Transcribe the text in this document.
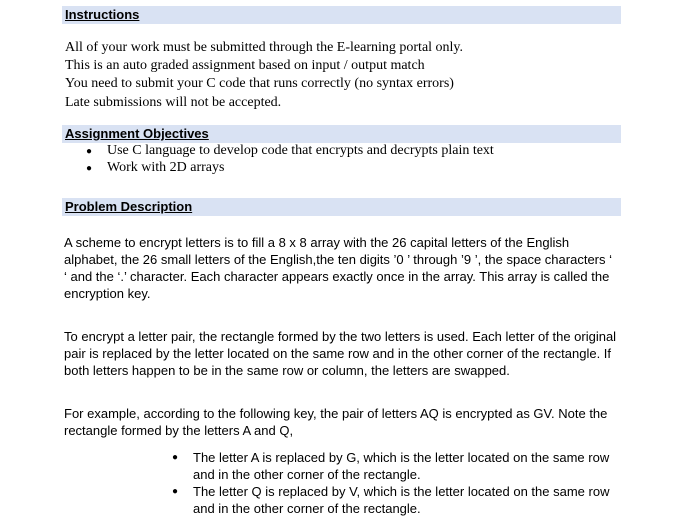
Instructions
All of your work must be submitted through the E-learning portal only.
This is an auto graded assignment based on input / output match
You need to submit your C code that runs correctly (no syntax errors)
Late submissions will not be accepted.
Assignment Objectives
● Use C language to develop code that encrypts and decrypts plain text
● Work with 2D arrays
Problem Description
A scheme to encrypt letters is to fill a 8 x 8 array with the 26 capital letters of the English
alphabet, the 26 small letters of the English,the ten digits ’0 ’ through ’9 ’, the space characters ‘
‘ and the ‘.’ character. Each character appears exactly once in the array. This array is called the
encryption key.
To encrypt a letter pair, the rectangle formed by the two letters is used. Each letter of the original
pair is replaced by the letter located on the same row and in the other corner of the rectangle. If
both letters happen to be in the same row or column, the letters are swapped.
For example, according to the following key, the pair of letters AQ is encrypted as GV. Note the
rectangle formed by the letters A and Q,
● The letter A is replaced by G, which is the letter located on the same row
and in the other corner of the rectangle.
● The letter Q is replaced by V, which is the letter located on the same row
and in the other corner of the rectangle.
